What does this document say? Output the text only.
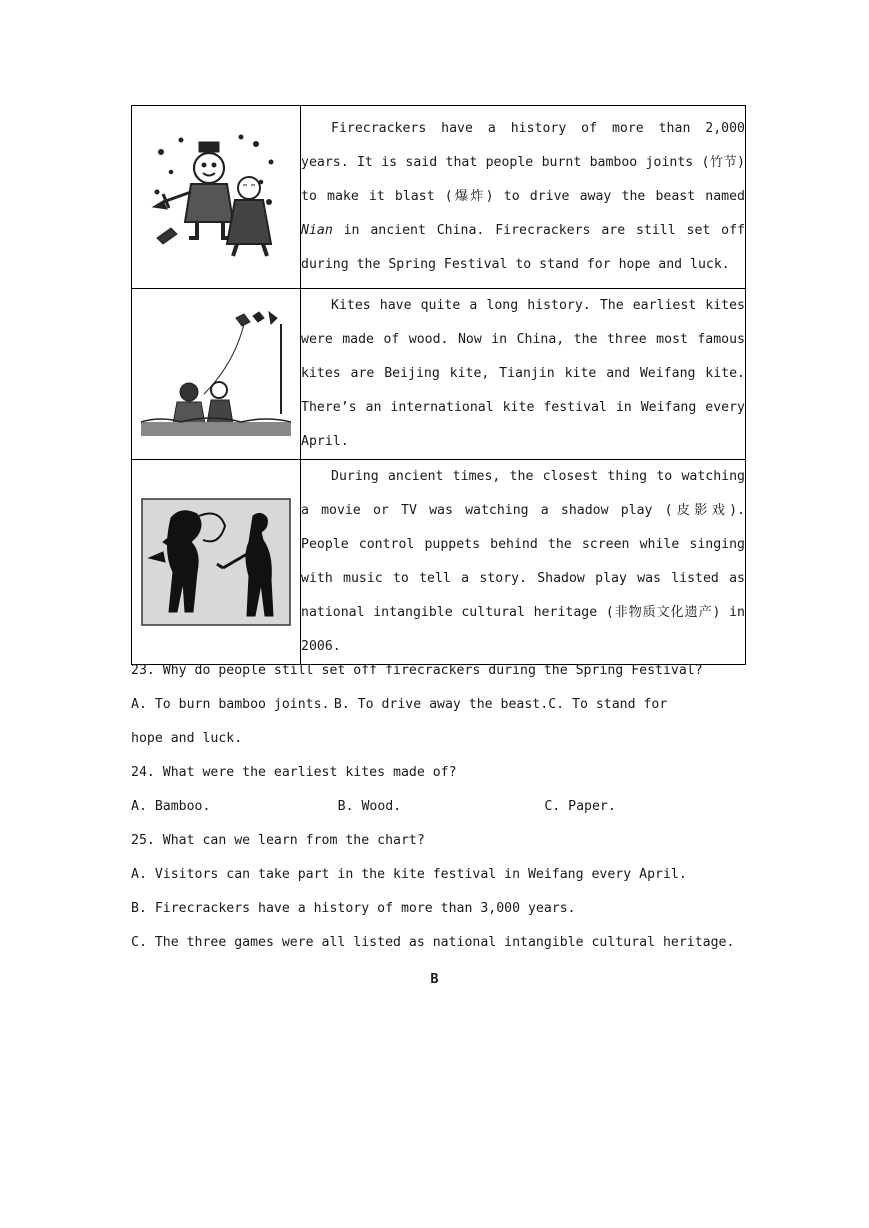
	Firecrackers have a history of more than 2,000 years. It is said that people burnt bamboo joints (竹节) to make it blast (爆炸) to drive away the beast named Nian in ancient China. Firecrackers are still set off during the Spring Festival to stand for hope and luck.

	Kites have quite a long history. The earliest kites were made of wood. Now in China, the three most famous kites are Beijing kite, Tianjin kite and Weifang kite. There’s an international kite festival in Weifang every April.

	During ancient times, the closest thing to watching a movie or TV was watching a shadow play (皮影戏). People control puppets behind the screen while singing with music to tell a story. Shadow play was listed as national intangible cultural heritage (非物质文化遗产) in 2006.
23. Why do people still set off firecrackers during the Spring Festival?
A. To burn bamboo joints. B. To drive away the beast. C. To stand for
hope and luck.
24. What were the earliest kites made of?
A. Bamboo.	B. Wood.	C. Paper.
25. What can we learn from the chart?
A. Visitors can take part in the kite festival in Weifang every April.
B. Firecrackers have a history of more than 3,000 years.
C. The three games were all listed as national intangible cultural heritage.
B
